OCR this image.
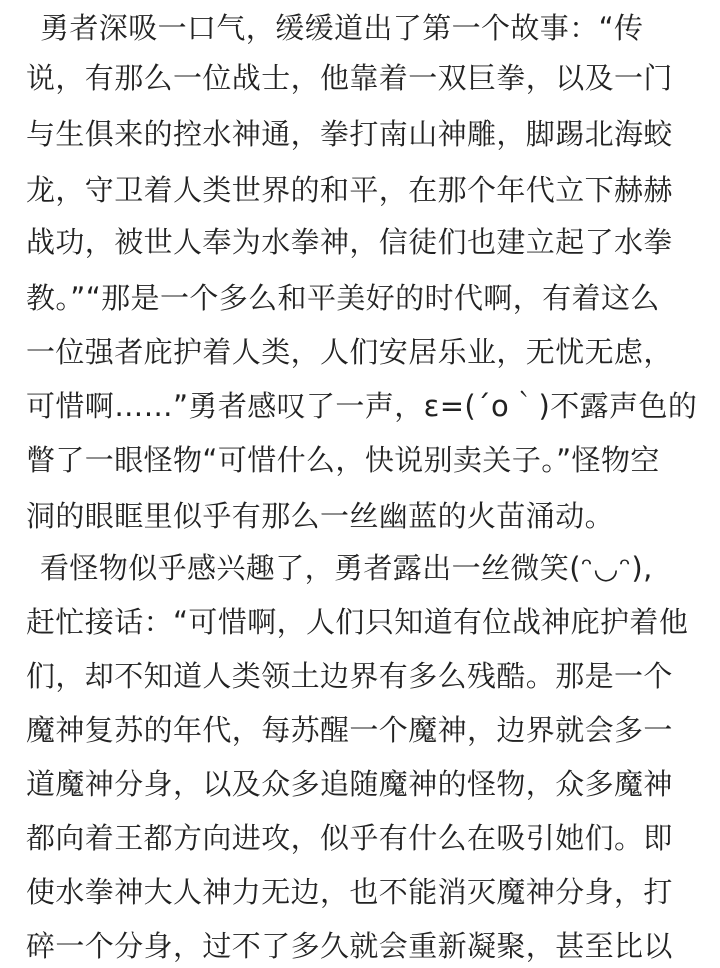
勇者深吸一口气，缓缓道出了第一个故事：“传
说，有那么一位战士，他靠着一双巨拳，以及一门
与生俱来的控水神通，拳打南山神雕，脚踢北海蛟
龙，守卫着人类世界的和平，在那个年代立下赫赫
战功，被世人奉为水拳神，信徒们也建立起了水拳
教。”“那是一个多么和平美好的时代啊，有着这么
一位强者庇护着人类，人们安居乐业，无忧无虑，
可惜啊……”勇者感叹了一声，ε=(´ο｀)不露声色的
瞥了一眼怪物“可惜什么，快说别卖关子。”怪物空
洞的眼眶里似乎有那么一丝幽蓝的火苗涌动。
看怪物似乎感兴趣了，勇者露出一丝微笑(ᵔ◡ᵔ),
赶忙接话：“可惜啊，人们只知道有位战神庇护着他
们，却不知道人类领土边界有多么残酷。那是一个
魔神复苏的年代，每苏醒一个魔神，边界就会多一
道魔神分身，以及众多追随魔神的怪物，众多魔神
都向着王都方向进攻，似乎有什么在吸引她们。即
使水拳神大人神力无边，也不能消灭魔神分身，打
碎一个分身，过不了多久就会重新凝聚，甚至比以
